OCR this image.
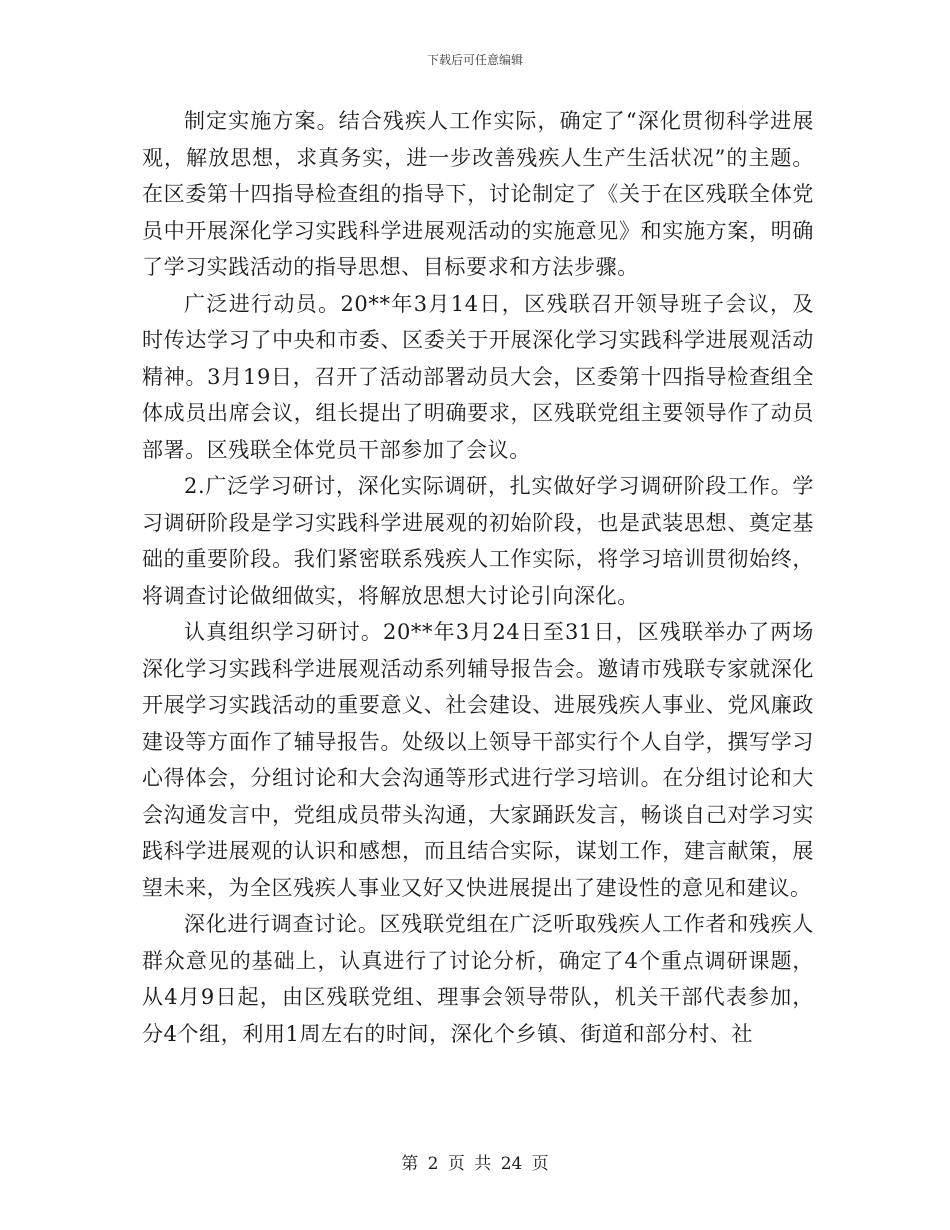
下载后可任意编辑

制定实施方案。结合残疾人工作实际，确定了“深化贯彻科学进展观，解放思想，求真务实，进一步改善残疾人生产生活状况”的主题。在区委第十四指导检查组的指导下，讨论制定了《关于在区残联全体党员中开展深化学习实践科学进展观活动的实施意见》和实施方案，明确了学习实践活动的指导思想、目标要求和方法步骤。

广泛进行动员。20**年3月14日，区残联召开领导班子会议，及时传达学习了中央和市委、区委关于开展深化学习实践科学进展观活动精神。3月19日，召开了活动部署动员大会，区委第十四指导检查组全体成员出席会议，组长提出了明确要求，区残联党组主要领导作了动员部署。区残联全体党员干部参加了会议。

2.广泛学习研讨，深化实际调研，扎实做好学习调研阶段工作。学习调研阶段是学习实践科学进展观的初始阶段，也是武装思想、奠定基础的重要阶段。我们紧密联系残疾人工作实际，将学习培训贯彻始终，将调查讨论做细做实，将解放思想大讨论引向深化。

认真组织学习研讨。20**年3月24日至31日，区残联举办了两场深化学习实践科学进展观活动系列辅导报告会。邀请市残联专家就深化开展学习实践活动的重要意义、社会建设、进展残疾人事业、党风廉政建设等方面作了辅导报告。处级以上领导干部实行个人自学，撰写学习心得体会，分组讨论和大会沟通等形式进行学习培训。在分组讨论和大会沟通发言中，党组成员带头沟通，大家踊跃发言，畅谈自己对学习实践科学进展观的认识和感想，而且结合实际，谋划工作，建言献策，展望未来，为全区残疾人事业又好又快进展提出了建设性的意见和建议。

深化进行调查讨论。区残联党组在广泛听取残疾人工作者和残疾人群众意见的基础上，认真进行了讨论分析，确定了4个重点调研课题，从4月9日起，由区残联党组、理事会领导带队，机关干部代表参加，分4个组，利用1周左右的时间，深化个乡镇、街道和部分村、社

第 2 页 共 24 页
